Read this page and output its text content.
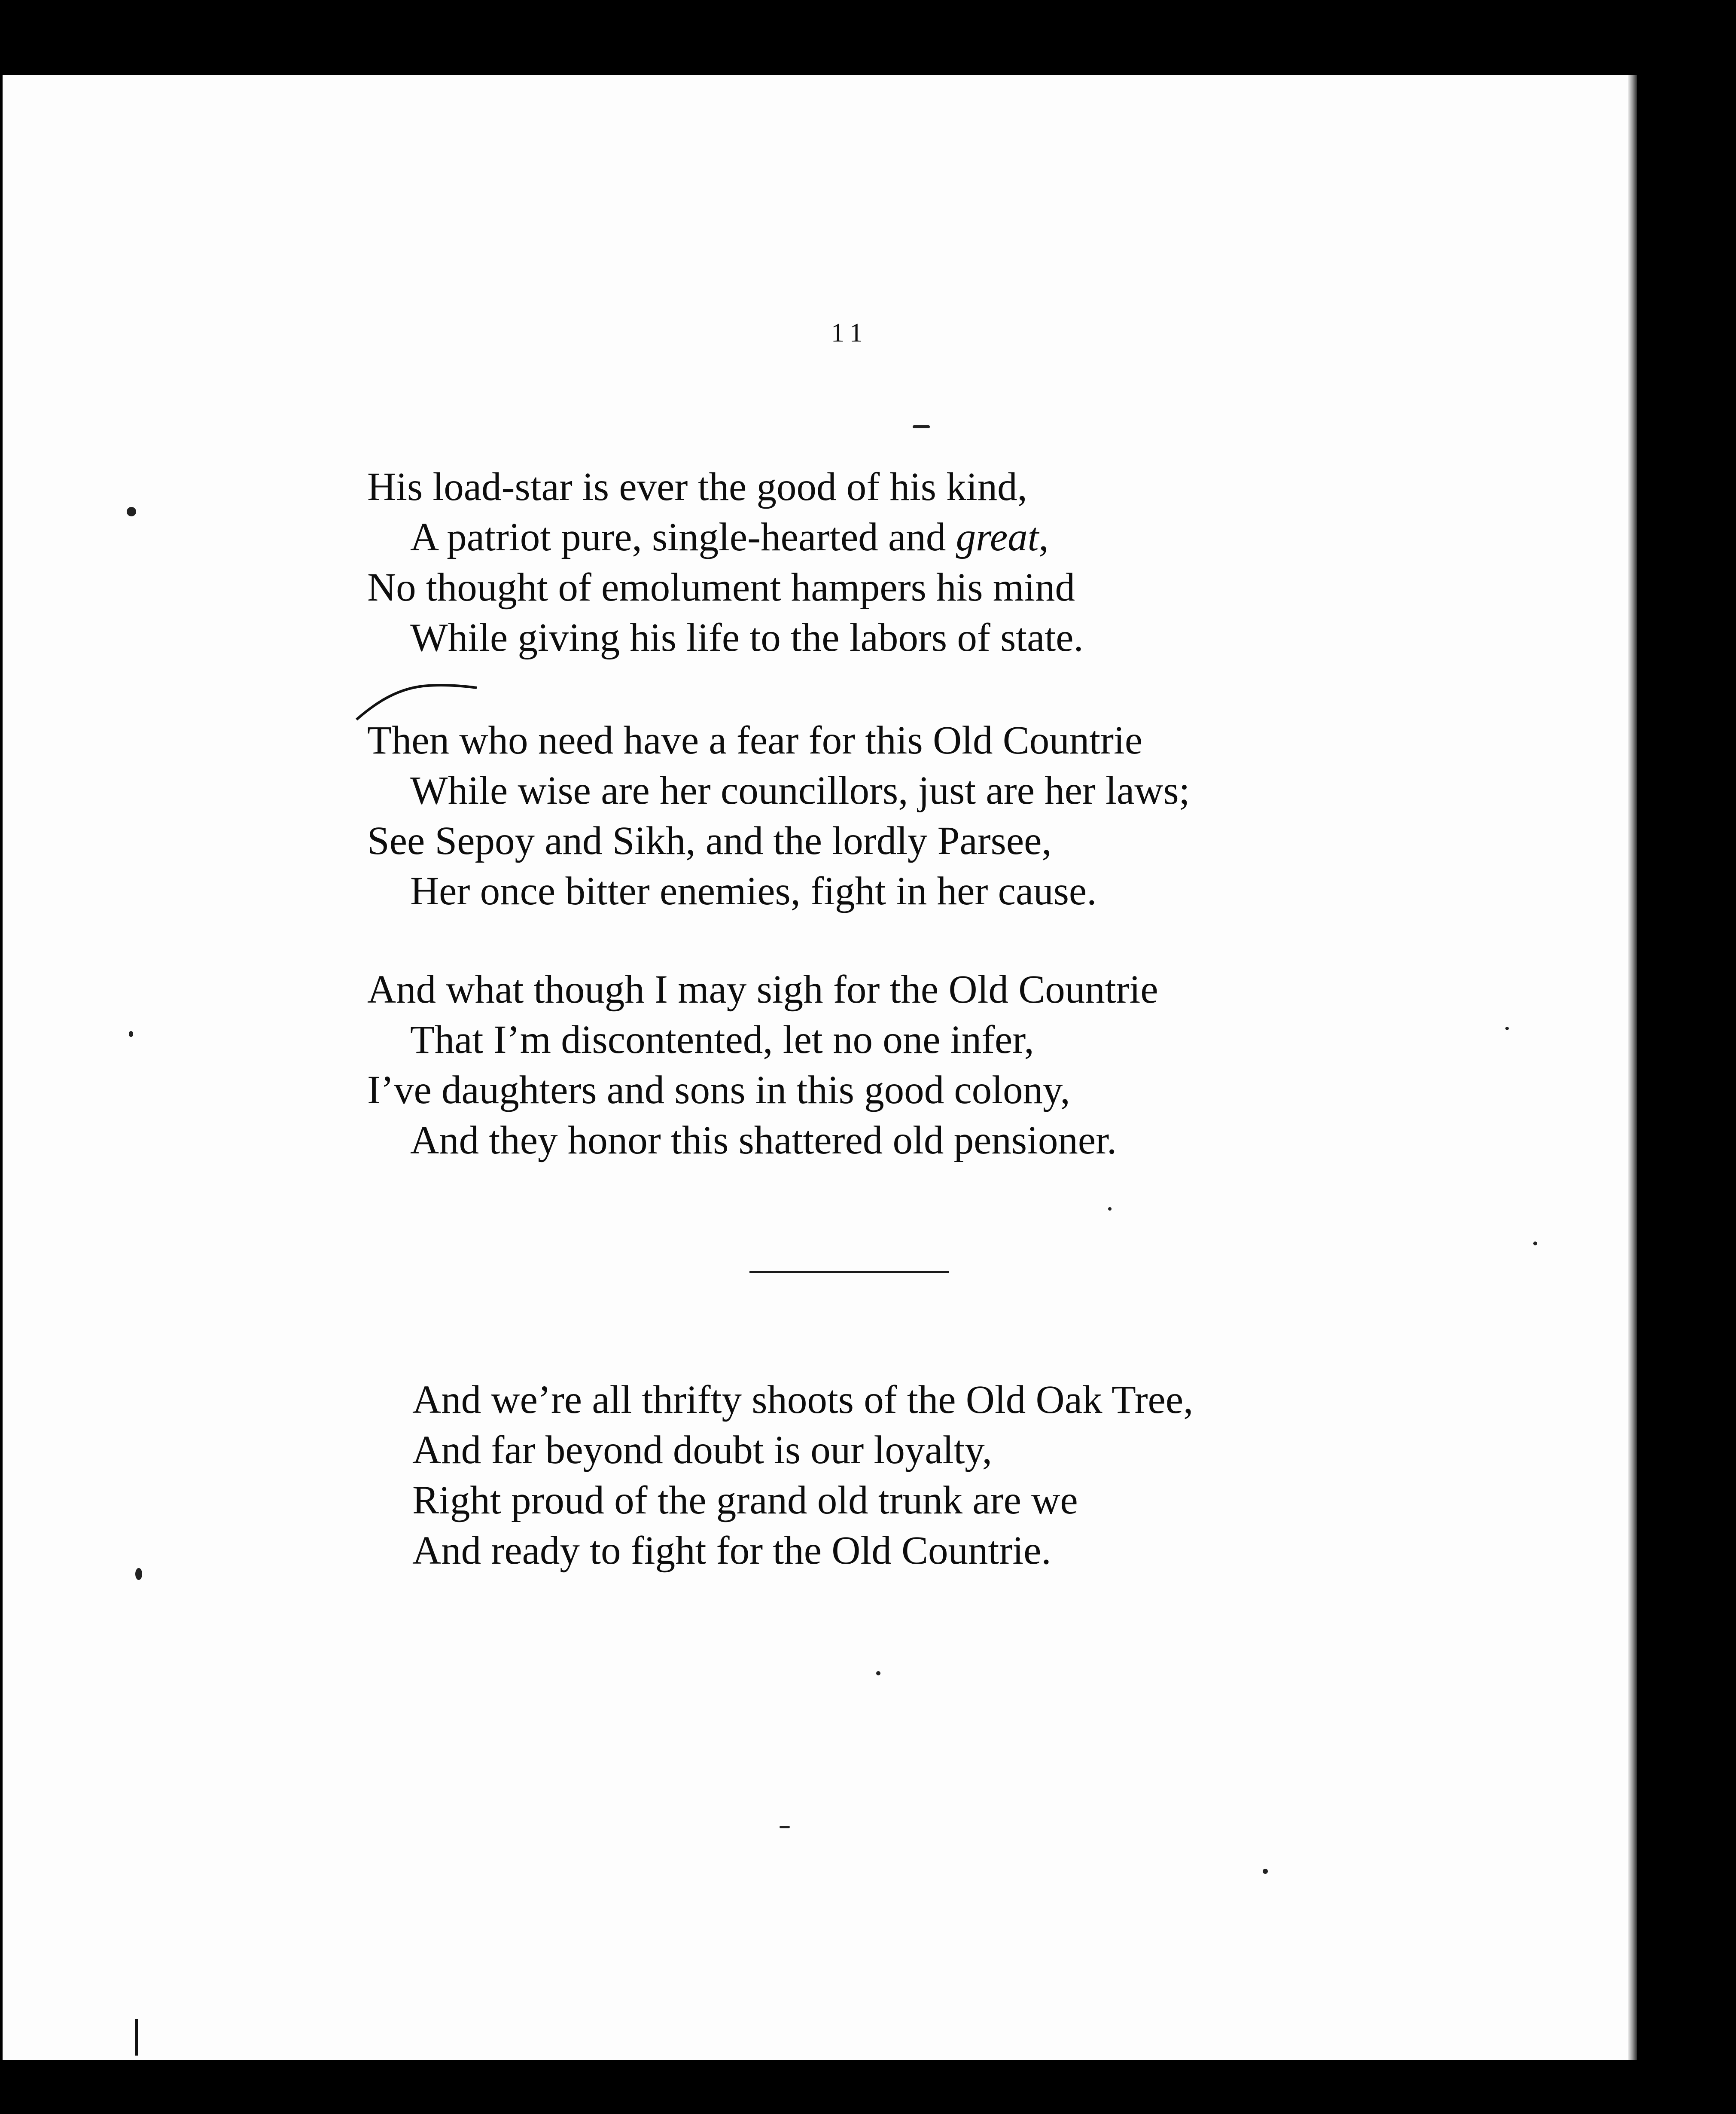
11
His load-star is ever the good of his kind,
A patriot pure, single-hearted and great,
No thought of emolument hampers his mind
While giving his life to the labors of state.
Then who need have a fear for this Old Countrie
While wise are her councillors, just are her laws;
See Sepoy and Sikh, and the lordly Parsee,
Her once bitter enemies, fight in her cause.
And what though I may sigh for the Old Countrie
That I’m discontented, let no one infer,
I’ve daughters and sons in this good colony,
And they honor this shattered old pensioner.
And we’re all thrifty shoots of the Old Oak Tree,
And far beyond doubt is our loyalty,
Right proud of the grand old trunk are we
And ready to fight for the Old Countrie.
